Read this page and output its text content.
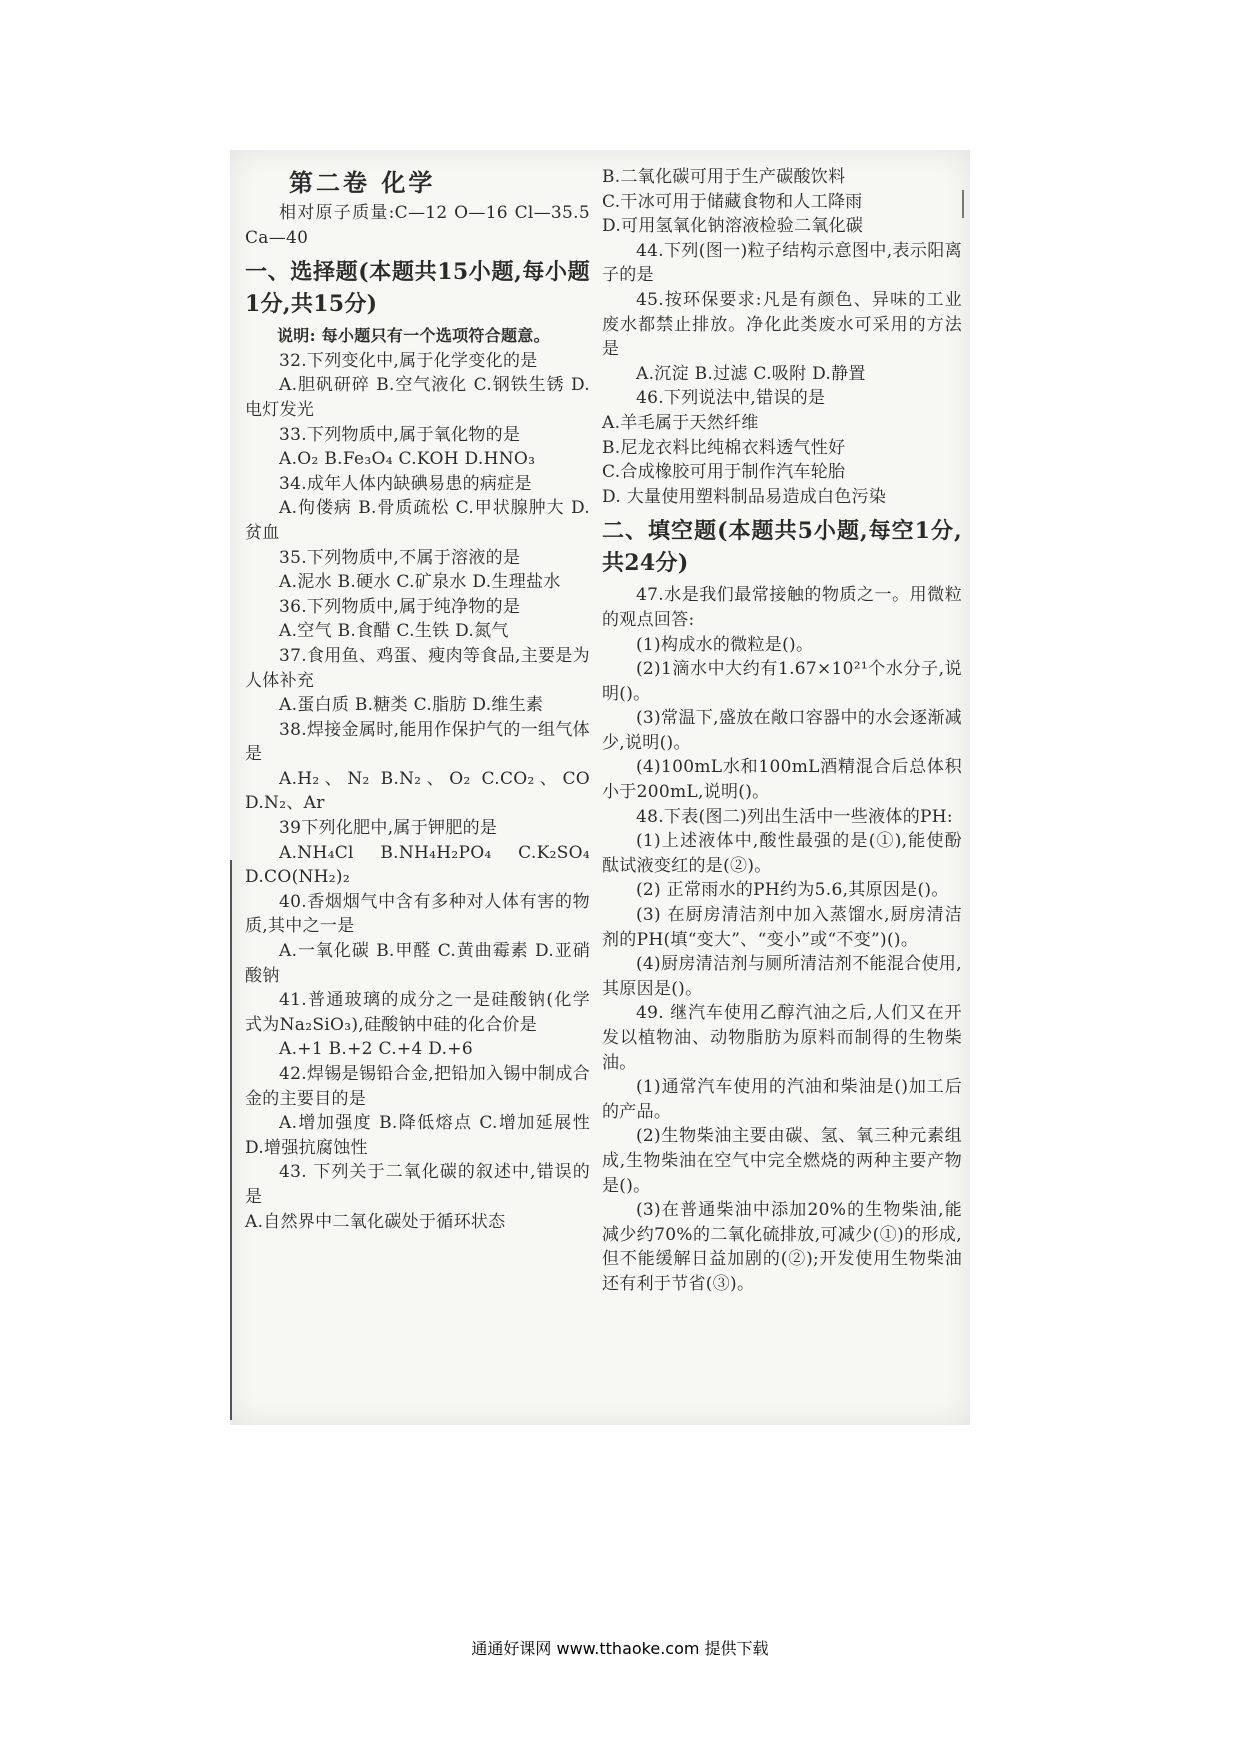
第二卷 化学

相对原子质量:C—12 O—16 Cl—35.5 Ca—40

一、选择题(本题共15小题,每小题1分,共15分)

说明: 每小题只有一个选项符合题意。

32.下列变化中,属于化学变化的是

A.胆矾研碎 B.空气液化 C.钢铁生锈 D.电灯发光

33.下列物质中,属于氧化物的是

A.O₂ B.Fe₃O₄ C.KOH D.HNO₃

34.成年人体内缺碘易患的病症是

A.佝偻病 B.骨质疏松 C.甲状腺肿大 D.贫血

35.下列物质中,不属于溶液的是

A.泥水 B.硬水 C.矿泉水 D.生理盐水

36.下列物质中,属于纯净物的是

A.空气 B.食醋 C.生铁 D.氮气

37.食用鱼、鸡蛋、瘦肉等食品,主要是为人体补充

A.蛋白质 B.糖类 C.脂肪 D.维生素

38.焊接金属时,能用作保护气的一组气体是

A.H₂、N₂ B.N₂、O₂ C.CO₂、CO D.N₂、Ar

39下列化肥中,属于钾肥的是

A.NH₄Cl B.NH₄H₂PO₄ C.K₂SO₄ D.CO(NH₂)₂

40.香烟烟气中含有多种对人体有害的物质,其中之一是

A.一氧化碳 B.甲醛 C.黄曲霉素 D.亚硝酸钠

41.普通玻璃的成分之一是硅酸钠(化学式为Na₂SiO₃),硅酸钠中硅的化合价是

A.+1 B.+2 C.+4 D.+6

42.焊锡是锡铅合金,把铅加入锡中制成合金的主要目的是

A.增加强度 B.降低熔点 C.增加延展性 D.增强抗腐蚀性

43. 下列关于二氧化碳的叙述中,错误的是

A.自然界中二氧化碳处于循环状态

B.二氧化碳可用于生产碳酸饮料

C.干冰可用于储藏食物和人工降雨

D.可用氢氧化钠溶液检验二氧化碳

44.下列(图一)粒子结构示意图中,表示阳离子的是

45.按环保要求:凡是有颜色、异味的工业废水都禁止排放。净化此类废水可采用的方法是

A.沉淀 B.过滤 C.吸附 D.静置

46.下列说法中,错误的是

A.羊毛属于天然纤维

B.尼龙衣料比纯棉衣料透气性好

C.合成橡胶可用于制作汽车轮胎

D. 大量使用塑料制品易造成白色污染

二、填空题(本题共5小题,每空1分,共24分)

47.水是我们最常接触的物质之一。用微粒的观点回答:

(1)构成水的微粒是()。

(2)1滴水中大约有1.67×10²¹个水分子,说明()。

(3)常温下,盛放在敞口容器中的水会逐渐减少,说明()。

(4)100mL水和100mL酒精混合后总体积小于200mL,说明()。

48.下表(图二)列出生活中一些液体的PH:

(1)上述液体中,酸性最强的是(①),能使酚酞试液变红的是(②)。

(2) 正常雨水的PH约为5.6,其原因是()。

(3) 在厨房清洁剂中加入蒸馏水,厨房清洁剂的PH(填“变大”、“变小”或“不变”)()。

(4)厨房清洁剂与厕所清洁剂不能混合使用,其原因是()。

49. 继汽车使用乙醇汽油之后,人们又在开发以植物油、动物脂肪为原料而制得的生物柴油。

(1)通常汽车使用的汽油和柴油是()加工后的产品。

(2)生物柴油主要由碳、氢、氧三种元素组成,生物柴油在空气中完全燃烧的两种主要产物是()。

(3)在普通柴油中添加20%的生物柴油,能减少约70%的二氧化硫排放,可减少(①)的形成,但不能缓解日益加剧的(②);开发使用生物柴油还有利于节省(③)。

通通好课网 www.tthaoke.com 提供下载
